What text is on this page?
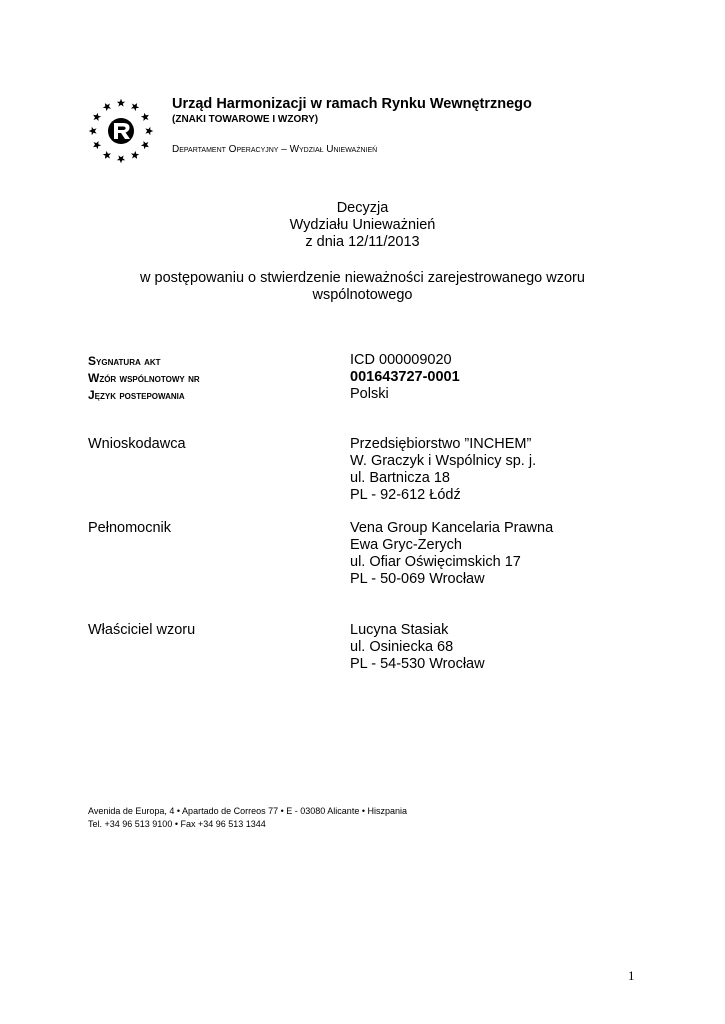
Urząd Harmonizacji w ramach Rynku Wewnętrznego
(ZNAKI TOWAROWE I WZORY)
Departament Operacyjny – Wydział Unieważnień
Decyzja
Wydziału Unieważnień
z dnia 12/11/2013
w postępowaniu o stwierdzenie nieważności zarejestrowanego wzoru
wspólnotowego
Sygnatura akt	ICD 000009020
Wzór wspólnotowy nr	001643727-0001
Język postepowania	Polski
Wnioskodawca	Przedsiębiorstwo ”INCHEM”
W. Graczyk i Wspólnicy sp. j.
ul. Bartnicza 18
PL - 92-612 Łódź
Pełnomocnik	Vena Group Kancelaria Prawna
Ewa Gryc-Zerych
ul. Ofiar Oświęcimskich 17
PL - 50-069 Wrocław
Właściciel wzoru	Lucyna Stasiak
ul. Osiniecka 68
PL - 54-530 Wrocław
Avenida de Europa, 4 • Apartado de Correos 77 • E - 03080 Alicante • Hiszpania
Tel. +34 96 513 9100 • Fax +34 96 513 1344
1
